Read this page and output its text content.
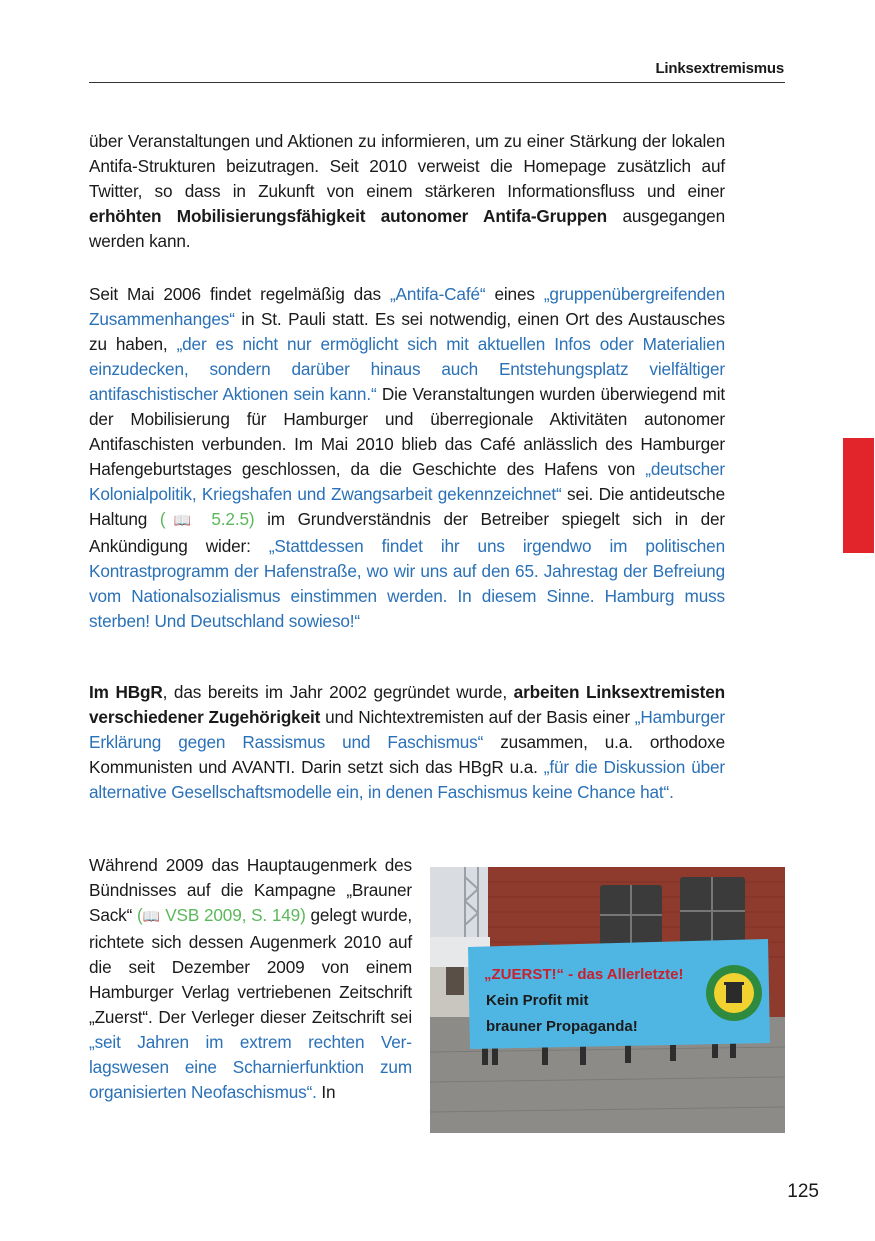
Linksextremismus

über Veranstaltungen und Aktionen zu informieren, um zu einer Stärkung der lokalen Antifa-Strukturen beizutragen. Seit 2010 verweist die Homepage zusätzlich auf Twitter, so dass in Zukunft von einem stärkeren Informationsfluss und einer erhöhten Mobilisierungsfähigkeit autonomer Antifa-Gruppen ausgegangen werden kann.

Seit Mai 2006 findet regelmäßig das „Antifa-Café“ eines „gruppenübergreifenden Zusammenhanges“ in St. Pauli statt. Es sei notwendig, einen Ort des Austausches zu haben, „der es nicht nur ermöglicht sich mit aktuellen Infos oder Materialien einzudecken, sondern darüber hinaus auch Entstehungsplatz vielfältiger antifaschistischer Aktionen sein kann.“ Die Veranstaltungen wurden überwiegend mit der Mobilisierung für Hamburger und überregionale Aktivitäten autonomer Antifaschisten verbunden. Im Mai 2010 blieb das Café anlässlich des Hamburger Hafengeburtstages geschlossen, da die Geschichte des Hafens von „deutscher Kolonialpolitik, Kriegshafen und Zwangsarbeit gekennzeichnet“ sei. Die antideutsche Haltung (📖 5.2.5) im Grundverständnis der Betreiber spiegelt sich in der Ankündigung wider: „Stattdessen findet ihr uns irgendwo im politischen Kontrastprogramm der Hafenstraße, wo wir uns auf den 65. Jahrestag der Befreiung vom Nationalsozialismus einstimmen werden. In diesem Sinne. Hamburg muss sterben! Und Deutschland sowieso!“

Im HBgR, das bereits im Jahr 2002 gegründet wurde, arbeiten Linksextremisten verschiedener Zugehörigkeit und Nichtextremisten auf der Basis einer „Hamburger Erklärung gegen Rassismus und Faschismus“ zusammen, u.a. orthodoxe Kommunisten und AVANTI. Darin setzt sich das HBgR u.a. „für die Diskussion über alternative Gesellschaftsmodelle ein, in denen Faschismus keine Chance hat“.

Während 2009 das Hauptaugenmerk des Bündnisses auf die Kampagne „Brauner Sack“ (📖 VSB 2009, S. 149) gelegt wurde, richtete sich dessen Augenmerk 2010 auf die seit Dezember 2009 von einem Hamburger Verlag vertriebenen Zeitschrift „Zuerst“. Der Verleger dieser Zeitschrift sei „seit Jahren im extrem rechten Verlagswesen eine Scharnierfunktion zum organisierten Neofaschismus“. In

„ZUERST!“ - das Allerletzte!
Kein Profit mit
brauner Propaganda!
125
